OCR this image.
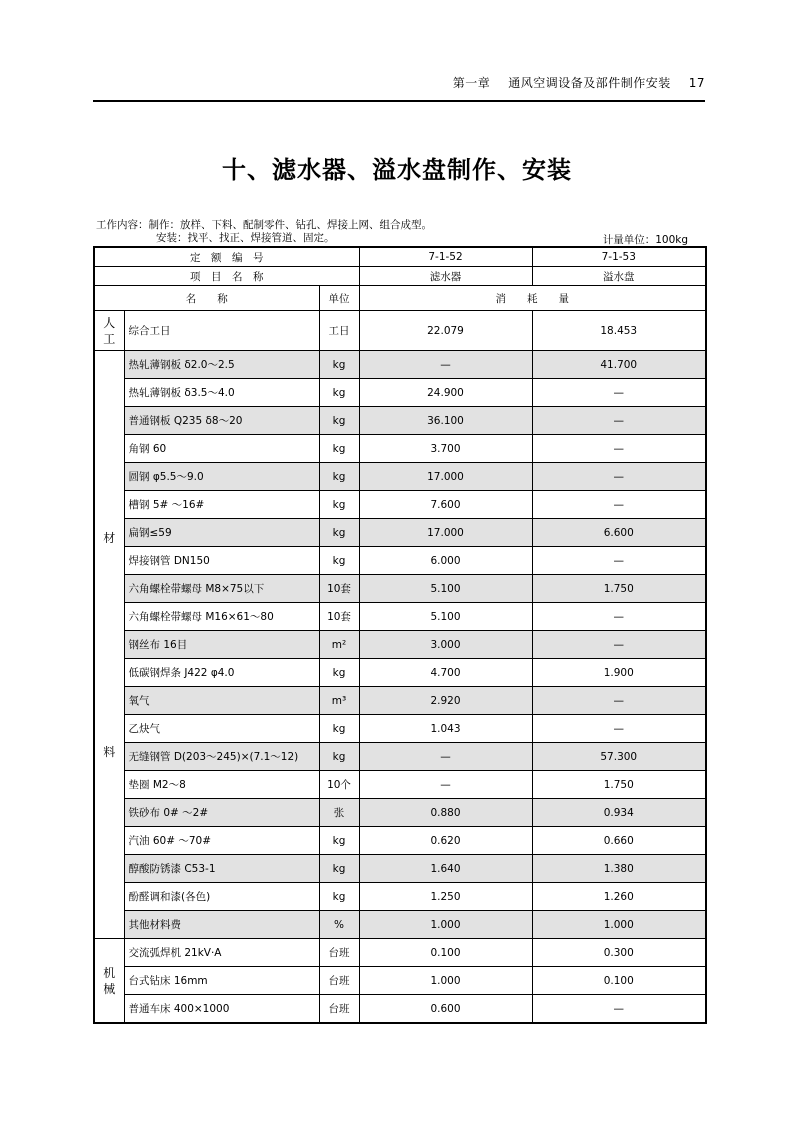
第一章 通风空调设备及部件制作安装 17
十、滤水器、溢水盘制作、安装
工作内容：制作：放样、下料、配制零件、钻孔、焊接上网、组合成型。
安装：找平、找正、焊接管道、固定。	计量单位：100kg
定　额　编　号			7-1-52	7-1-53
项　目　名　称			滤水器	溢水盘
名　　称		单位	消　　耗　　量	
人工	综合工日	工日	22.079	18.453

材
料	热轧薄钢板 δ2.0～2.5	kg	—	41.700
	热轧薄钢板 δ3.5～4.0	kg	24.900	—
	普通钢板 Q235 δ8～20	kg	36.100	—
	角钢 60	kg	3.700	—
	圆钢 φ5.5～9.0	kg	17.000	—
	槽钢 5# ～16#	kg	7.600	—
	扁钢≤59	kg	17.000	6.600
	焊接钢管 DN150	kg	6.000	—
	六角螺栓带螺母 M8×75以下	10套	5.100	1.750
	六角螺栓带螺母 M16×61～80	10套	5.100	—
	钢丝布 16目	m²	3.000	—
	低碳钢焊条 J422 φ4.0	kg	4.700	1.900
	氧气	m³	2.920	—
	乙炔气	kg	1.043	—
	无缝钢管 D(203～245)×(7.1～12)	kg	—	57.300
	垫圈 M2～8	10个	—	1.750
	铁砂布 0# ～2#	张	0.880	0.934
	汽油 60# ～70#	kg	0.620	0.660
	醇酸防锈漆 C53-1	kg	1.640	1.380
	酚醛调和漆(各色)	kg	1.250	1.260
	其他材料费	%	1.000	1.000
机械	交流弧焊机 21kV·A	台班	0.100	0.300
	台式钻床 16mm	台班	1.000	0.100
	普通车床 400×1000	台班	0.600	—
